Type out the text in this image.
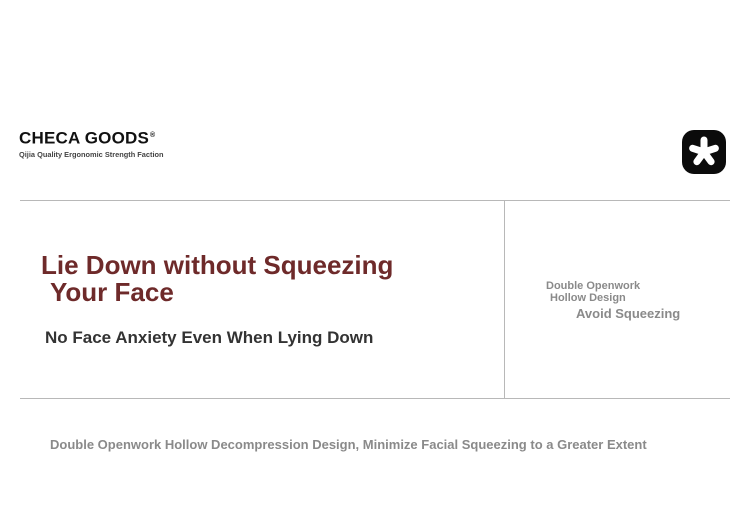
CHECA GOODS®
Qijia Quality Ergonomic Strength Faction
Lie Down without Squeezing
Your Face
No Face Anxiety Even When Lying Down
Double Openwork
Hollow Design
Avoid Squeezing
Double Openwork Hollow Decompression Design, Minimize Facial Squeezing to a Greater Extent
